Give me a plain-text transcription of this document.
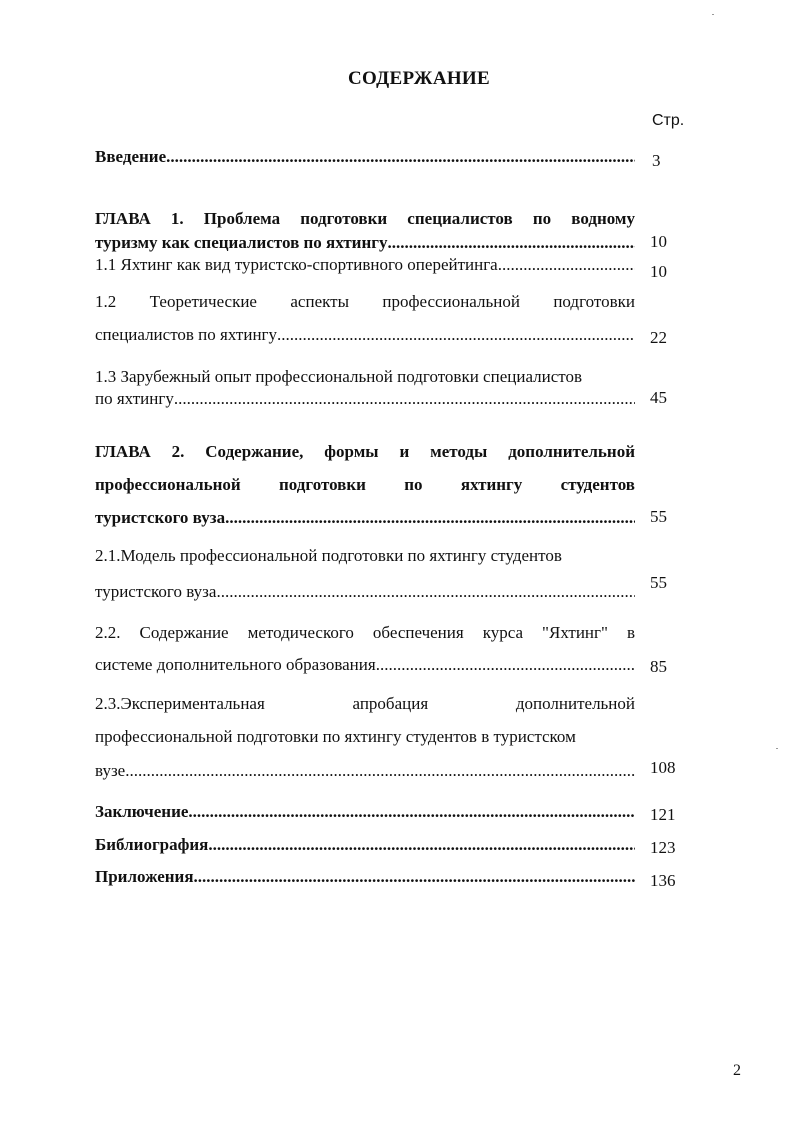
СОДЕРЖАНИЕ
Стр.
Введение .....	3
ГЛАВА 1. Проблема подготовки специалистов по водному
туризму как специалистов по яхтингу .....	10
1.1 Яхтинг как вид туристско-спортивного оперейтинга .....	10
1.2 Теоретические аспекты профессиональной подготовки
специалистов по яхтингу .....	22
1.3 Зарубежный опыт профессиональной подготовки специалистов
по яхтингу .....	45
ГЛАВА 2. Содержание, формы и методы дополнительной
профессиональной подготовки по яхтингу студентов
туристского вуза .....	55
2.1.Модель профессиональной подготовки по яхтингу студентов
туристского вуза .....	55
2.2. Содержание методического обеспечения курса "Яхтинг" в
системе дополнительного образования .....	85
2.3.Экспериментальная апробация дополнительной
профессиональной подготовки по яхтингу студентов в туристском
вузе .....	108
Заключение .....	121
Библиография .....	123
Приложения .....	136
2
